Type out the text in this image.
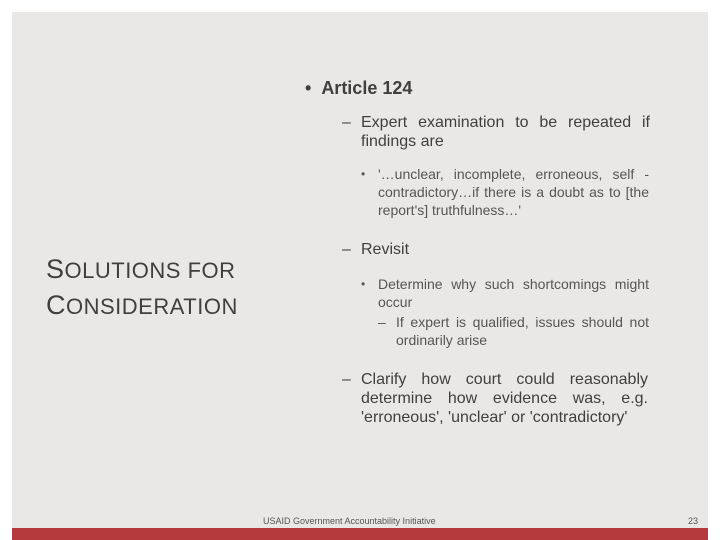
SOLUTIONS FOR
CONSIDERATION
• Article 124
– Expert examination to be repeated if findings are
• '…unclear, incomplete, erroneous, self -contradictory…if there is a doubt as to [the report's] truthfulness…'
– Revisit
• Determine why such shortcomings might occur
– If expert is qualified, issues should not ordinarily arise
– Clarify how court could reasonably determine how evidence was, e.g. 'erroneous', 'unclear' or 'contradictory'
USAID Government Accountability Initiative	23
